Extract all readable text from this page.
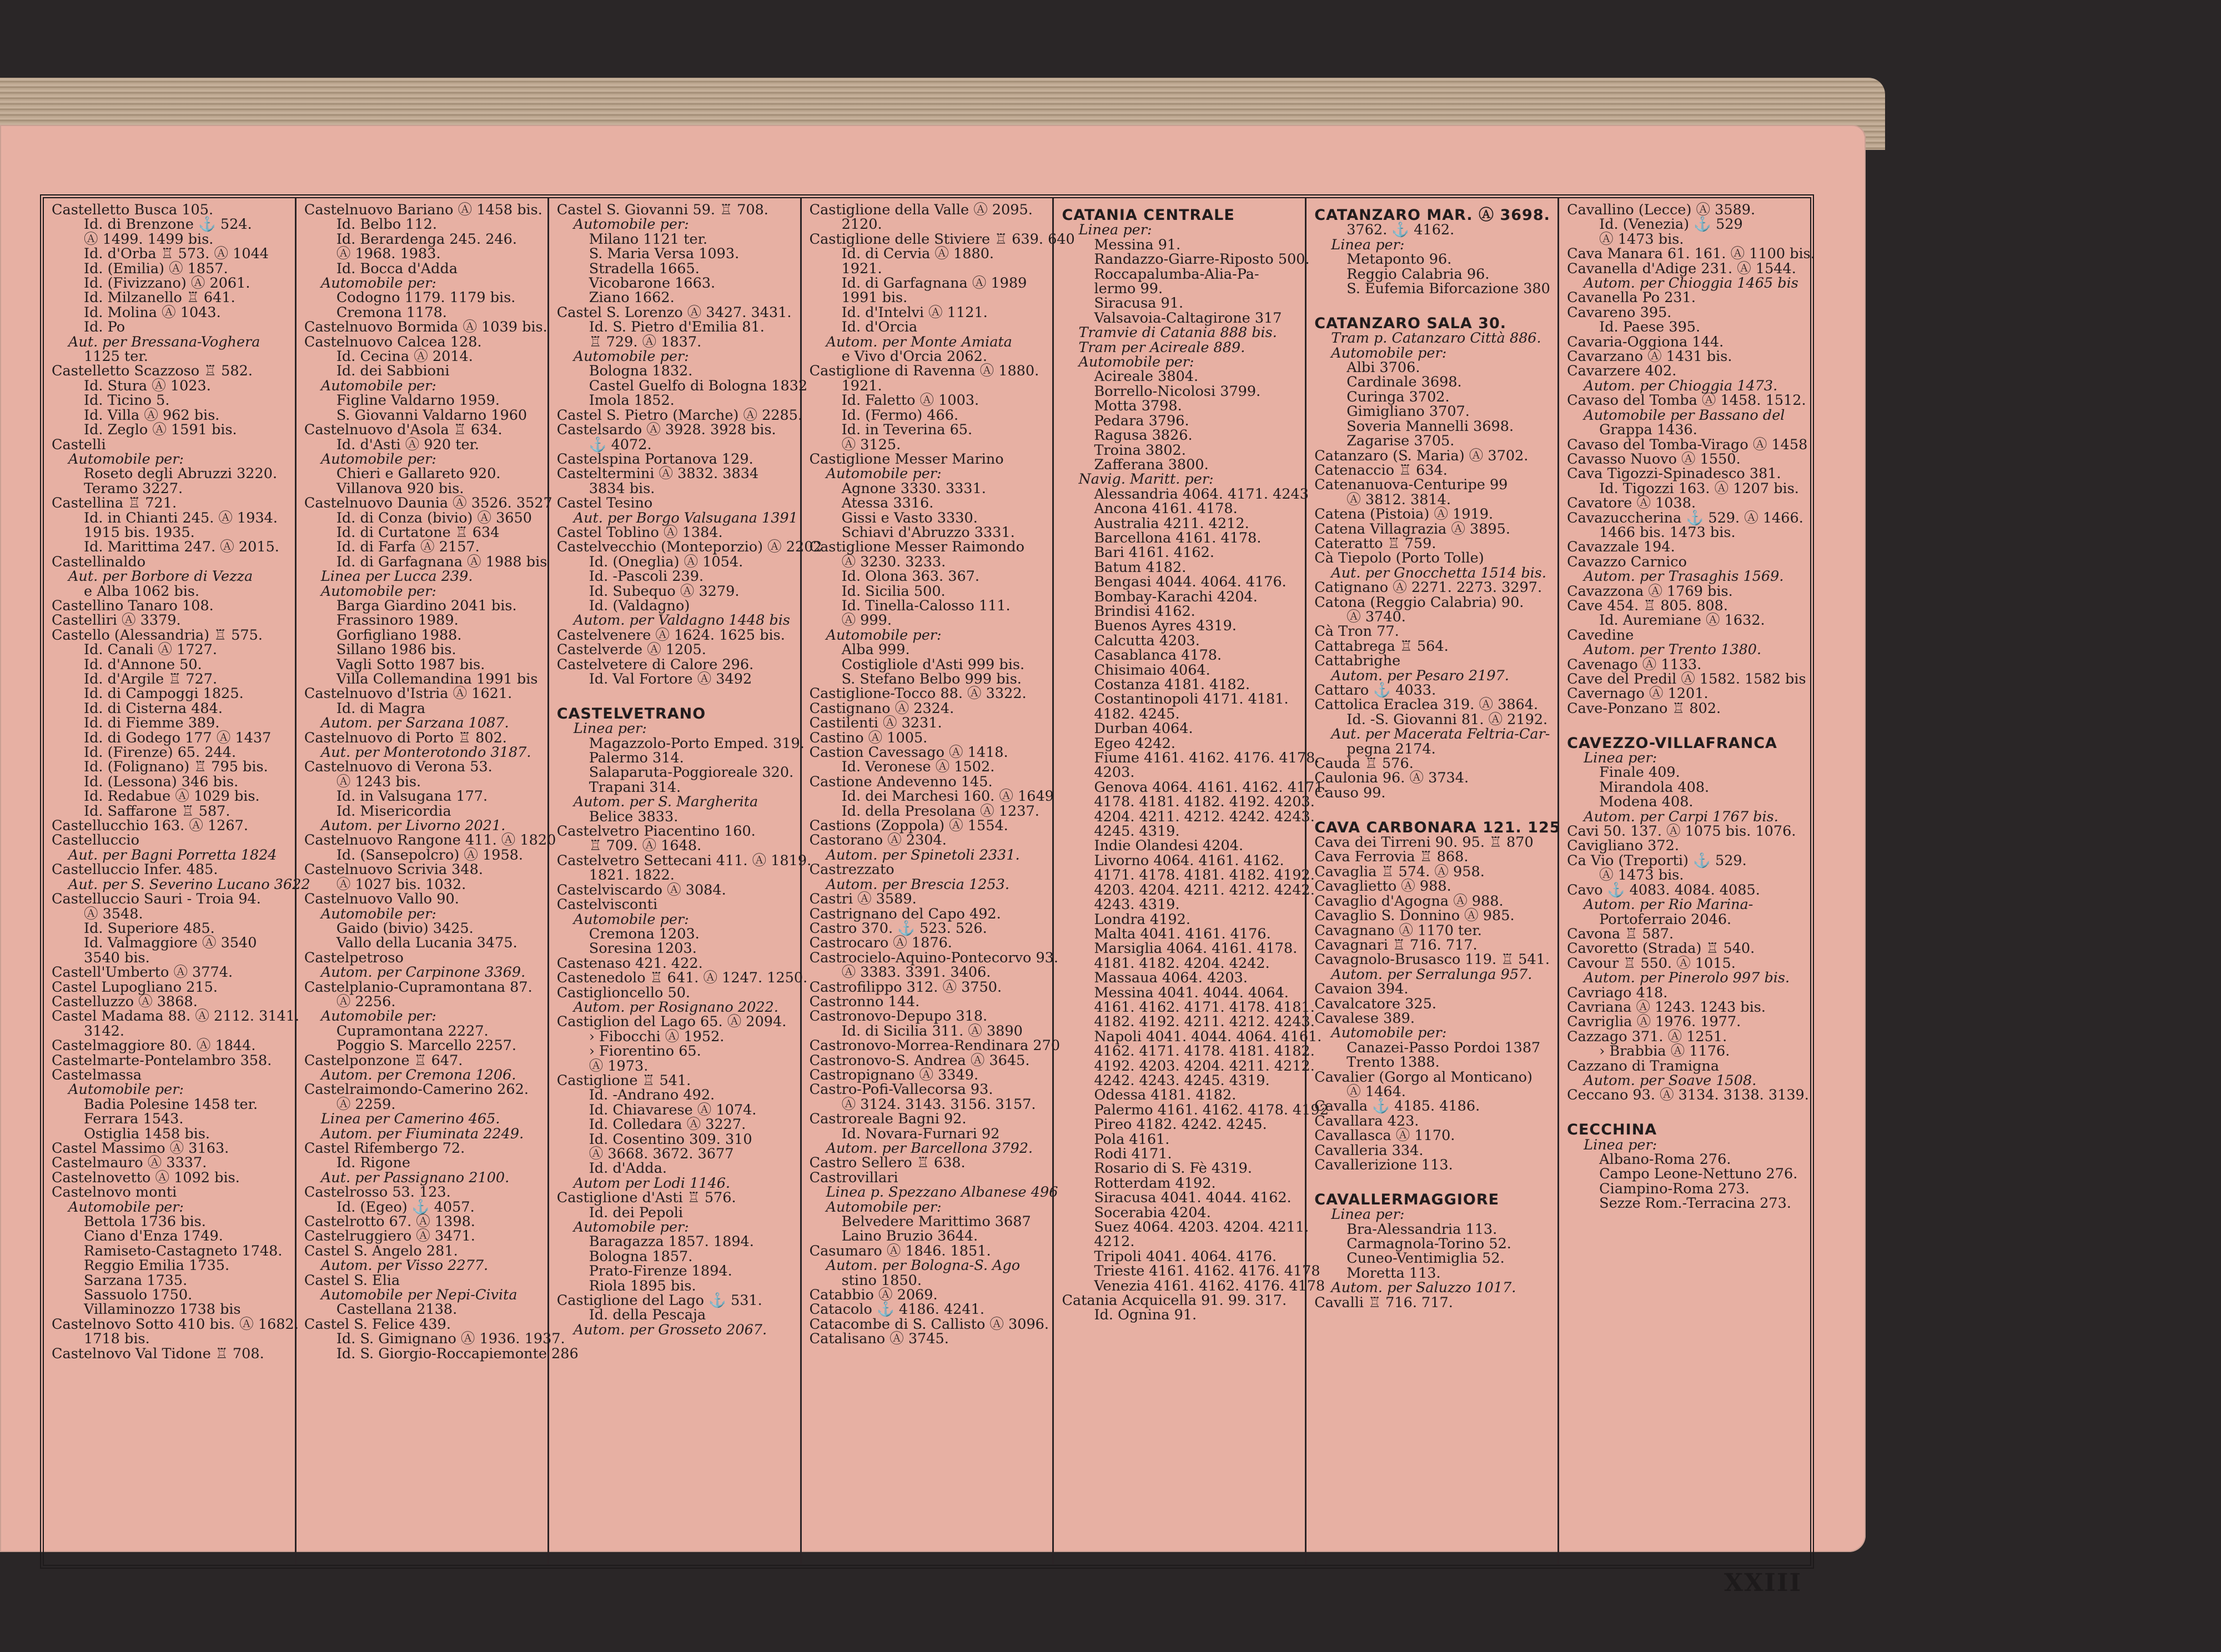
Castelletto Busca 105.
Id. di Brenzone ⚓ 524.
Ⓐ 1499. 1499 bis.
Id. d'Orba ♖ 573. Ⓐ 1044
Id. (Emilia) Ⓐ 1857.
Id. (Fivizzano) Ⓐ 2061.
Id. Milzanello ♖ 641.
Id. Molina Ⓐ 1043.
Id. Po
Aut. per Bressana-Voghera
1125 ter.
Castelletto Scazzoso ♖ 582.
Id. Stura Ⓐ 1023.
Id. Ticino 5.
Id. Villa Ⓐ 962 bis.
Id. Zeglo Ⓐ 1591 bis.
Castelli
Automobile per:
Roseto degli Abruzzi 3220.
Teramo 3227.
Castellina ♖ 721.
Id. in Chianti 245. Ⓐ 1934.
1915 bis. 1935.
Id. Marittima 247. Ⓐ 2015.
Castellinaldo
Aut. per Borbore di Vezza
e Alba 1062 bis.
Castellino Tanaro 108.
Castelliri Ⓐ 3379.
Castello (Alessandria) ♖ 575.
Id. Canali Ⓐ 1727.
Id. d'Annone 50.
Id. d'Argile ♖ 727.
Id. di Campoggi 1825.
Id. di Cisterna 484.
Id. di Fiemme 389.
Id. di Godego 177 Ⓐ 1437
Id. (Firenze) 65. 244.
Id. (Folignano) ♖ 795 bis.
Id. (Lessona) 346 bis.
Id. Redabue Ⓐ 1029 bis.
Id. Saffarone ♖ 587.
Castellucchio 163. Ⓐ 1267.
Castelluccio
Aut. per Bagni Porretta 1824
Castelluccio Infer. 485.
Aut. per S. Severino Lucano 3622
Castelluccio Sauri - Troia 94.
Ⓐ 3548.
Id. Superiore 485.
Id. Valmaggiore Ⓐ 3540
3540 bis.
Castell'Umberto Ⓐ 3774.
Castel Lupogliano 215.
Castelluzzo Ⓐ 3868.
Castel Madama 88. Ⓐ 2112. 3141.
3142.
Castelmaggiore 80. Ⓐ 1844.
Castelmarte-Pontelambro 358.
Castelmassa
Automobile per:
Badia Polesine 1458 ter.
Ferrara 1543.
Ostiglia 1458 bis.
Castel Massimo Ⓐ 3163.
Castelmauro Ⓐ 3337.
Castelnovetto Ⓐ 1092 bis.
Castelnovo monti
Automobile per:
Bettola 1736 bis.
Ciano d'Enza 1749.
Ramiseto-Castagneto 1748.
Reggio Emilia 1735.
Sarzana 1735.
Sassuolo 1750.
Villaminozzo 1738 bis
Castelnovo Sotto 410 bis. Ⓐ 1682.
1718 bis.
Castelnovo Val Tidone ♖ 708.
Castelnuovo Bariano Ⓐ 1458 bis.
Id. Belbo 112.
Id. Berardenga 245. 246.
Ⓐ 1968. 1983.
Id. Bocca d'Adda
Automobile per:
Codogno 1179. 1179 bis.
Cremona 1178.
Castelnuovo Bormida Ⓐ 1039 bis.
Castelnuovo Calcea 128.
Id. Cecina Ⓐ 2014.
Id. dei Sabbioni
Automobile per:
Figline Valdarno 1959.
S. Giovanni Valdarno 1960
Castelnuovo d'Asola ♖ 634.
Id. d'Asti Ⓐ 920 ter.
Automobile per:
Chieri e Gallareto 920.
Villanova 920 bis.
Castelnuovo Daunia Ⓐ 3526. 3527
Id. di Conza (bivio) Ⓐ 3650
Id. di Curtatone ♖ 634
Id. di Farfa Ⓐ 2157.
Id. di Garfagnana Ⓐ 1988 bis
Linea per Lucca 239.
Automobile per:
Barga Giardino 2041 bis.
Frassinoro 1989.
Gorfigliano 1988.
Sillano 1986 bis.
Vagli Sotto 1987 bis.
Villa Collemandina 1991 bis
Castelnuovo d'Istria Ⓐ 1621.
Id. di Magra
Autom. per Sarzana 1087.
Castelnuovo di Porto ♖ 802.
Aut. per Monterotondo 3187.
Castelnuovo di Verona 53.
Ⓐ 1243 bis.
Id. in Valsugana 177.
Id. Misericordia
Autom. per Livorno 2021.
Castelnuovo Rangone 411. Ⓐ 1820
Id. (Sansepolcro) Ⓐ 1958.
Castelnuovo Scrivia 348.
Ⓐ 1027 bis. 1032.
Castelnuovo Vallo 90.
Automobile per:
Gaido (bivio) 3425.
Vallo della Lucania 3475.
Castelpetroso
Autom. per Carpinone 3369.
Castelplanio-Cupramontana 87.
Ⓐ 2256.
Automobile per:
Cupramontana 2227.
Poggio S. Marcello 2257.
Castelponzone ♖ 647.
Autom. per Cremona 1206.
Castelraimondo-Camerino 262.
Ⓐ 2259.
Linea per Camerino 465.
Autom. per Fiuminata 2249.
Castel Rifembergo 72.
Id. Rigone
Aut. per Passignano 2100.
Castelrosso 53. 123.
Id. (Egeo) ⚓ 4057.
Castelrotto 67. Ⓐ 1398.
Castelruggiero Ⓐ 3471.
Castel S. Angelo 281.
Autom. per Visso 2277.
Castel S. Elia
Automobile per Nepi-Civita
Castellana 2138.
Castel S. Felice 439.
Id. S. Gimignano Ⓐ 1936. 1937.
Id. S. Giorgio-Roccapiemonte 286
Castel S. Giovanni 59. ♖ 708.
Automobile per:
Milano 1121 ter.
S. Maria Versa 1093.
Stradella 1665.
Vicobarone 1663.
Ziano 1662.
Castel S. Lorenzo Ⓐ 3427. 3431.
Id. S. Pietro d'Emilia 81.
♖ 729. Ⓐ 1837.
Automobile per:
Bologna 1832.
Castel Guelfo di Bologna 1832
Imola 1852.
Castel S. Pietro (Marche) Ⓐ 2285.
Castelsardo Ⓐ 3928. 3928 bis.
⚓ 4072.
Castelspina Portanova 129.
Casteltermini Ⓐ 3832. 3834
3834 bis.
Castel Tesino
Aut. per Borgo Valsugana 1391
Castel Toblino Ⓐ 1384.
Castelvecchio (Monteporzio) Ⓐ 2202
Id. (Oneglia) Ⓐ 1054.
Id. -Pascoli 239.
Id. Subequo Ⓐ 3279.
Id. (Valdagno)
Autom. per Valdagno 1448 bis
Castelvenere Ⓐ 1624. 1625 bis.
Castelverde Ⓐ 1205.
Castelvetere di Calore 296.
Id. Val Fortore Ⓐ 3492

CASTELVETRANO
Linea per:
Magazzolo-Porto Emped. 319.
Palermo 314.
Salaparuta-Poggioreale 320.
Trapani 314.
Autom. per S. Margherita
Belice 3833.
Castelvetro Piacentino 160.
♖ 709. Ⓐ 1648.
Castelvetro Settecani 411. Ⓐ 1819.
1821. 1822.
Castelviscardo Ⓐ 3084.
Castelvisconti
Automobile per:
Cremona 1203.
Soresina 1203.
Castenaso 421. 422.
Castenedolo ♖ 641. Ⓐ 1247. 1250.
Castiglioncello 50.
Autom. per Rosignano 2022.
Castiglion del Lago 65. Ⓐ 2094.
› Fibocchi Ⓐ 1952.
› Fiorentino 65.
Ⓐ 1973.
Castiglione ♖ 541.
Id. -Andrano 492.
Id. Chiavarese Ⓐ 1074.
Id. Colledara Ⓐ 3227.
Id. Cosentino 309. 310
Ⓐ 3668. 3672. 3677
Id. d'Adda.
Autom per Lodi 1146.
Castiglione d'Asti ♖ 576.
Id. dei Pepoli
Automobile per:
Baragazza 1857. 1894.
Bologna 1857.
Prato-Firenze 1894.
Riola 1895 bis.
Castiglione del Lago ⚓ 531.
Id. della Pescaja
Autom. per Grosseto 2067.
Castiglione della Valle Ⓐ 2095.
2120.
Castiglione delle Stiviere ♖ 639. 640
Id. di Cervia Ⓐ 1880.
1921.
Id. di Garfagnana Ⓐ 1989
1991 bis.
Id. d'Intelvi Ⓐ 1121.
Id. d'Orcia
Autom. per Monte Amiata
e Vivo d'Orcia 2062.
Castiglione di Ravenna Ⓐ 1880.
1921.
Id. Faletto Ⓐ 1003.
Id. (Fermo) 466.
Id. in Teverina 65.
Ⓐ 3125.
Castiglione Messer Marino
Automobile per:
Agnone 3330. 3331.
Atessa 3316.
Gissi e Vasto 3330.
Schiavi d'Abruzzo 3331.
Castiglione Messer Raimondo
Ⓐ 3230. 3233.
Id. Olona 363. 367.
Id. Sicilia 500.
Id. Tinella-Calosso 111.
Ⓐ 999.
Automobile per:
Alba 999.
Costigliole d'Asti 999 bis.
S. Stefano Belbo 999 bis.
Castiglione-Tocco 88. Ⓐ 3322.
Castignano Ⓐ 2324.
Castilenti Ⓐ 3231.
Castino Ⓐ 1005.
Castion Cavessago Ⓐ 1418.
Id. Veronese Ⓐ 1502.
Castione Andevenno 145.
Id. dei Marchesi 160. Ⓐ 1649
Id. della Presolana Ⓐ 1237.
Castions (Zoppola) Ⓐ 1554.
Castorano Ⓐ 2304.
Autom. per Spinetoli 2331.
Castrezzato
Autom. per Brescia 1253.
Castri Ⓐ 3589.
Castrignano del Capo 492.
Castro 370. ⚓ 523. 526.
Castrocaro Ⓐ 1876.
Castrocielo-Aquino-Pontecorvo 93.
Ⓐ 3383. 3391. 3406.
Castrofilippo 312. Ⓐ 3750.
Castronno 144.
Castronovo-Depupo 318.
Id. di Sicilia 311. Ⓐ 3890
Castronovo-Morrea-Rendinara 270
Castronovo-S. Andrea Ⓐ 3645.
Castropignano Ⓐ 3349.
Castro-Pofi-Vallecorsa 93.
Ⓐ 3124. 3143. 3156. 3157.
Castroreale Bagni 92.
Id. Novara-Furnari 92
Autom. per Barcellona 3792.
Castro Sellero ♖ 638.
Castrovillari
Linea p. Spezzano Albanese 496
Automobile per:
Belvedere Marittimo 3687
Laino Bruzio 3644.
Casumaro Ⓐ 1846. 1851.
Autom. per Bologna-S. Ago
stino 1850.
Catabbio Ⓐ 2069.
Catacolo ⚓ 4186. 4241.
Catacombe di S. Callisto Ⓐ 3096.
Catalisano Ⓐ 3745.
CATANIA CENTRALE
Linea per:
Messina 91.
Randazzo-Giarre-Riposto 500.
Roccapalumba-Alia-Pa-
lermo 99.
Siracusa 91.
Valsavoia-Caltagirone 317
Tramvie di Catania 888 bis.
Tram per Acireale 889.
Automobile per:
Acireale 3804.
Borrello-Nicolosi 3799.
Motta 3798.
Pedara 3796.
Ragusa 3826.
Troina 3802.
Zafferana 3800.
Navig. Maritt. per:
Alessandria 4064. 4171. 4243
Ancona 4161. 4178.
Australia 4211. 4212.
Barcellona 4161. 4178.
Bari 4161. 4162.
Batum 4182.
Bengasi 4044. 4064. 4176.
Bombay-Karachi 4204.
Brindisi 4162.
Buenos Ayres 4319.
Calcutta 4203.
Casablanca 4178.
Chisimaio 4064.
Costanza 4181. 4182.
Costantinopoli 4171. 4181.
4182. 4245.
Durban 4064.
Egeo 4242.
Fiume 4161. 4162. 4176. 4178.
4203.
Genova 4064. 4161. 4162. 4171.
4178. 4181. 4182. 4192. 4203.
4204. 4211. 4212. 4242. 4243.
4245. 4319.
Indie Olandesi 4204.
Livorno 4064. 4161. 4162.
4171. 4178. 4181. 4182. 4192.
4203. 4204. 4211. 4212. 4242.
4243. 4319.
Londra 4192.
Malta 4041. 4161. 4176.
Marsiglia 4064. 4161. 4178.
4181. 4182. 4204. 4242.
Massaua 4064. 4203.
Messina 4041. 4044. 4064.
4161. 4162. 4171. 4178. 4181.
4182. 4192. 4211. 4212. 4243.
Napoli 4041. 4044. 4064. 4161.
4162. 4171. 4178. 4181. 4182.
4192. 4203. 4204. 4211. 4212.
4242. 4243. 4245. 4319.
Odessa 4181. 4182.
Palermo 4161. 4162. 4178. 4192
Pireo 4182. 4242. 4245.
Pola 4161.
Rodi 4171.
Rosario di S. Fè 4319.
Rotterdam 4192.
Siracusa 4041. 4044. 4162.
Socerabia 4204.
Suez 4064. 4203. 4204. 4211.
4212.
Tripoli 4041. 4064. 4176.
Trieste 4161. 4162. 4176. 4178
Venezia 4161. 4162. 4176. 4178
Catania Acquicella 91. 99. 317.
Id. Ognina 91.
CATANZARO MAR. Ⓐ 3698.
3762. ⚓ 4162.
Linea per:
Metaponto 96.
Reggio Calabria 96.
S. Eufemia Biforcazione 380

CATANZARO SALA 30.
Tram p. Catanzaro Città 886.
Automobile per:
Albi 3706.
Cardinale 3698.
Curinga 3702.
Gimigliano 3707.
Soveria Mannelli 3698.
Zagarise 3705.
Catanzaro (S. Maria) Ⓐ 3702.
Catenaccio ♖ 634.
Catenanuova-Centuripe 99
Ⓐ 3812. 3814.
Catena (Pistoia) Ⓐ 1919.
Catena Villagrazia Ⓐ 3895.
Cateratto ♖ 759.
Cà Tiepolo (Porto Tolle)
Aut. per Gnocchetta 1514 bis.
Catignano Ⓐ 2271. 2273. 3297.
Catona (Reggio Calabria) 90.
Ⓐ 3740.
Cà Tron 77.
Cattabrega ♖ 564.
Cattabrighe
Autom. per Pesaro 2197.
Cattaro ⚓ 4033.
Cattolica Eraclea 319. Ⓐ 3864.
Id. -S. Giovanni 81. Ⓐ 2192.
Aut. per Macerata Feltria-Car-
pegna 2174.
Cauda ♖ 576.
Caulonia 96. Ⓐ 3734.
Causo 99.

CAVA CARBONARA 121. 125
Cava dei Tirreni 90. 95. ♖ 870
Cava Ferrovia ♖ 868.
Cavaglia ♖ 574. Ⓐ 958.
Cavaglietto Ⓐ 988.
Cavaglio d'Agogna Ⓐ 988.
Cavaglio S. Donnino Ⓐ 985.
Cavagnano Ⓐ 1170 ter.
Cavagnari ♖ 716. 717.
Cavagnolo-Brusasco 119. ♖ 541.
Autom. per Serralunga 957.
Cavaion 394.
Cavalcatore 325.
Cavalese 389.
Automobile per:
Canazei-Passo Pordoi 1387
Trento 1388.
Cavalier (Gorgo al Monticano)
Ⓐ 1464.
Cavalla ⚓ 4185. 4186.
Cavallara 423.
Cavallasca Ⓐ 1170.
Cavalleria 334.
Cavallerizione 113.

CAVALLERMAGGIORE
Linea per:
Bra-Alessandria 113.
Carmagnola-Torino 52.
Cuneo-Ventimiglia 52.
Moretta 113.
Autom. per Saluzzo 1017.
Cavalli ♖ 716. 717.
Cavallino (Lecce) Ⓐ 3589.
Id. (Venezia) ⚓ 529
Ⓐ 1473 bis.
Cava Manara 61. 161. Ⓐ 1100 bis.
Cavanella d'Adige 231. Ⓐ 1544.
Autom. per Chioggia 1465 bis
Cavanella Po 231.
Cavareno 395.
Id. Paese 395.
Cavaria-Oggiona 144.
Cavarzano Ⓐ 1431 bis.
Cavarzere 402.
Autom. per Chioggia 1473.
Cavaso del Tomba Ⓐ 1458. 1512.
Automobile per Bassano del
Grappa 1436.
Cavaso del Tomba-Virago Ⓐ 1458
Cavasso Nuovo Ⓐ 1550.
Cava Tigozzi-Spinadesco 381.
Id. Tigozzi 163. Ⓐ 1207 bis.
Cavatore Ⓐ 1038.
Cavazuccherina ⚓ 529. Ⓐ 1466.
1466 bis. 1473 bis.
Cavazzale 194.
Cavazzo Carnico
Autom. per Trasaghis 1569.
Cavazzona Ⓐ 1769 bis.
Cave 454. ♖ 805. 808.
Id. Auremiane Ⓐ 1632.
Cavedine
Autom. per Trento 1380.
Cavenago Ⓐ 1133.
Cave del Predil Ⓐ 1582. 1582 bis
Cavernago Ⓐ 1201.
Cave-Ponzano ♖ 802.

CAVEZZO-VILLAFRANCA
Linea per:
Finale 409.
Mirandola 408.
Modena 408.
Autom. per Carpi 1767 bis.
Cavi 50. 137. Ⓐ 1075 bis. 1076.
Cavigliano 372.
Ca Vio (Treporti) ⚓ 529.
Ⓐ 1473 bis.
Cavo ⚓ 4083. 4084. 4085.
Autom. per Rio Marina-
Portoferraio 2046.
Cavona ♖ 587.
Cavoretto (Strada) ♖ 540.
Cavour ♖ 550. Ⓐ 1015.
Autom. per Pinerolo 997 bis.
Cavriago 418.
Cavriana Ⓐ 1243. 1243 bis.
Cavriglia Ⓐ 1976. 1977.
Cazzago 371. Ⓐ 1251.
› Brabbia Ⓐ 1176.
Cazzano di Tramigna
Autom. per Soave 1508.
Ceccano 93. Ⓐ 3134. 3138. 3139.

CECCHINA
Linea per:
Albano-Roma 276.
Campo Leone-Nettuno 276.
Ciampino-Roma 273.
Sezze Rom.-Terracina 273.
XXIII
